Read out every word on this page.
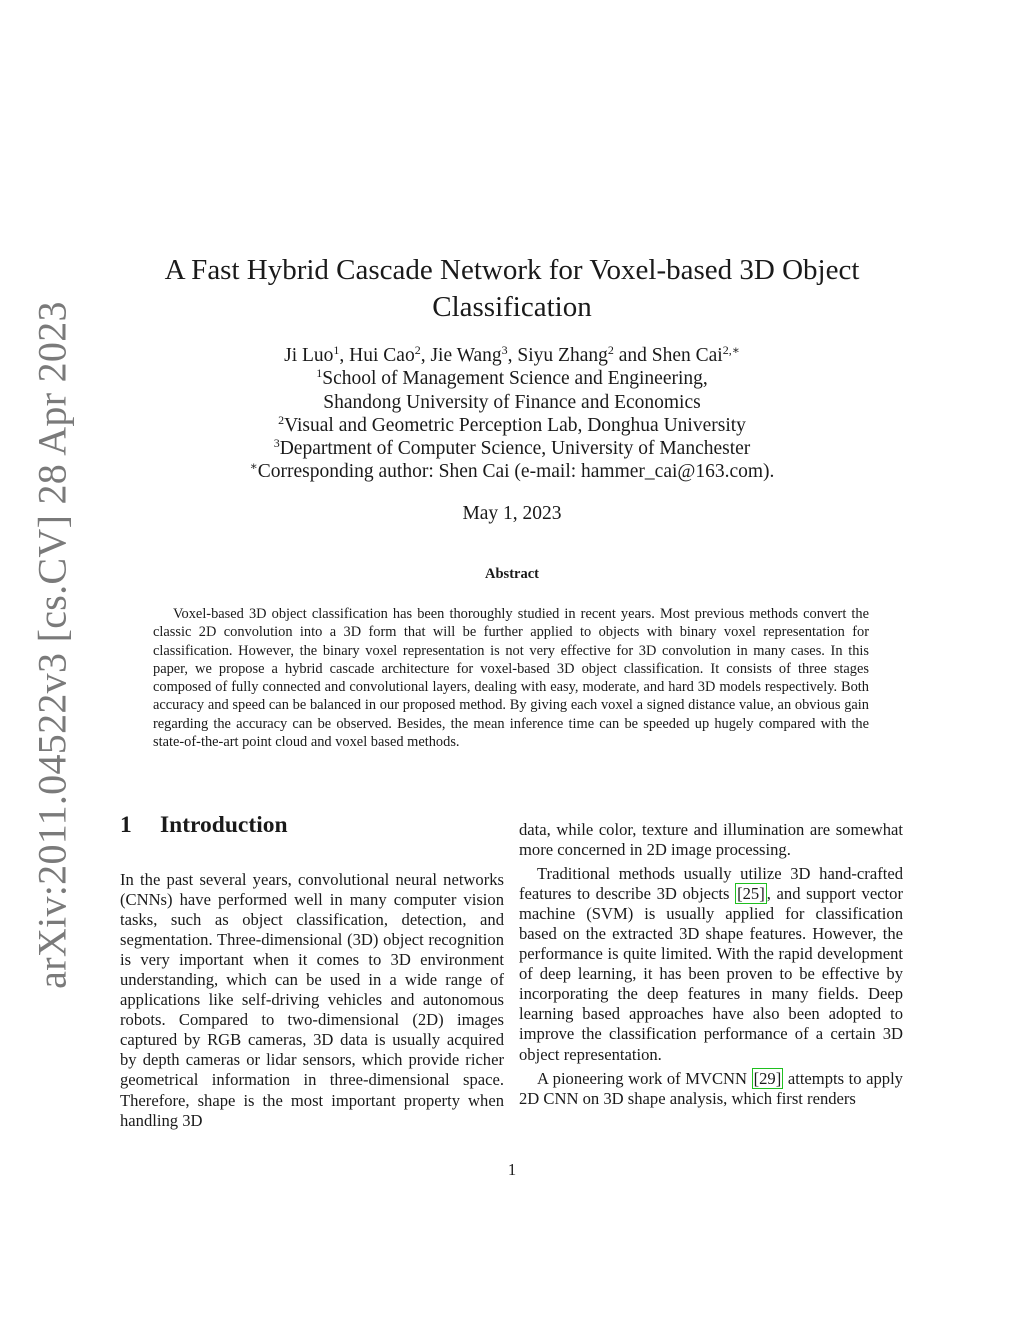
arXiv:2011.04522v3 [cs.CV] 28 Apr 2023
A Fast Hybrid Cascade Network for Voxel-based 3D Object Classification
Ji Luo$^1$, Hui Cao$^2$, Jie Wang$^3$, Siyu Zhang$^2$ and Shen Cai$^{2,∗}$
$^1$School of Management Science and Engineering,
Shandong University of Finance and Economics
$^2$Visual and Geometric Perception Lab, Donghua University
$^3$Department of Computer Science, University of Manchester
∗Corresponding author: Shen Cai (e-mail: hammer_cai@163.com).
May 1, 2023
Abstract
Voxel-based 3D object classification has been thoroughly studied in recent years. Most previous methods convert the classic 2D convolution into a 3D form that will be further applied to objects with binary voxel representation for classification. However, the binary voxel representation is not very effective for 3D convolution in many cases. In this paper, we propose a hybrid cascade architecture for voxel-based 3D object classification. It consists of three stages composed of fully connected and convolutional layers, dealing with easy, moderate, and hard 3D models respectively. Both accuracy and speed can be balanced in our proposed method. By giving each voxel a signed distance value, an obvious gain regarding the accuracy can be observed. Besides, the mean inference time can be speeded up hugely compared with the state-of-the-art point cloud and voxel based methods.
1 Introduction

In the past several years, convolutional neural networks (CNNs) have performed well in many computer vision tasks, such as object classification, detection, and segmentation. Three-dimensional (3D) object recognition is very important when it comes to 3D environment understanding, which can be used in a wide range of applications like self-driving vehicles and autonomous robots. Compared to two-dimensional (2D) images captured by RGB cameras, 3D data is usually acquired by depth cameras or lidar sensors, which provide richer geometrical information in three-dimensional space. Therefore, shape is the most important property when handling 3D

data, while color, texture and illumination are somewhat more concerned in 2D image processing.

Traditional methods usually utilize 3D hand-crafted features to describe 3D objects [25] , and support vector machine (SVM) is usually applied for classification based on the extracted 3D shape features. However, the performance is quite limited. With the rapid development of deep learning, it has been proven to be effective by incorporating the deep features in many fields. Deep learning based approaches have also been adopted to improve the classification performance of a certain 3D object representation.

A pioneering work of MVCNN [29] attempts to apply 2D CNN on 3D shape analysis, which first renders

1
